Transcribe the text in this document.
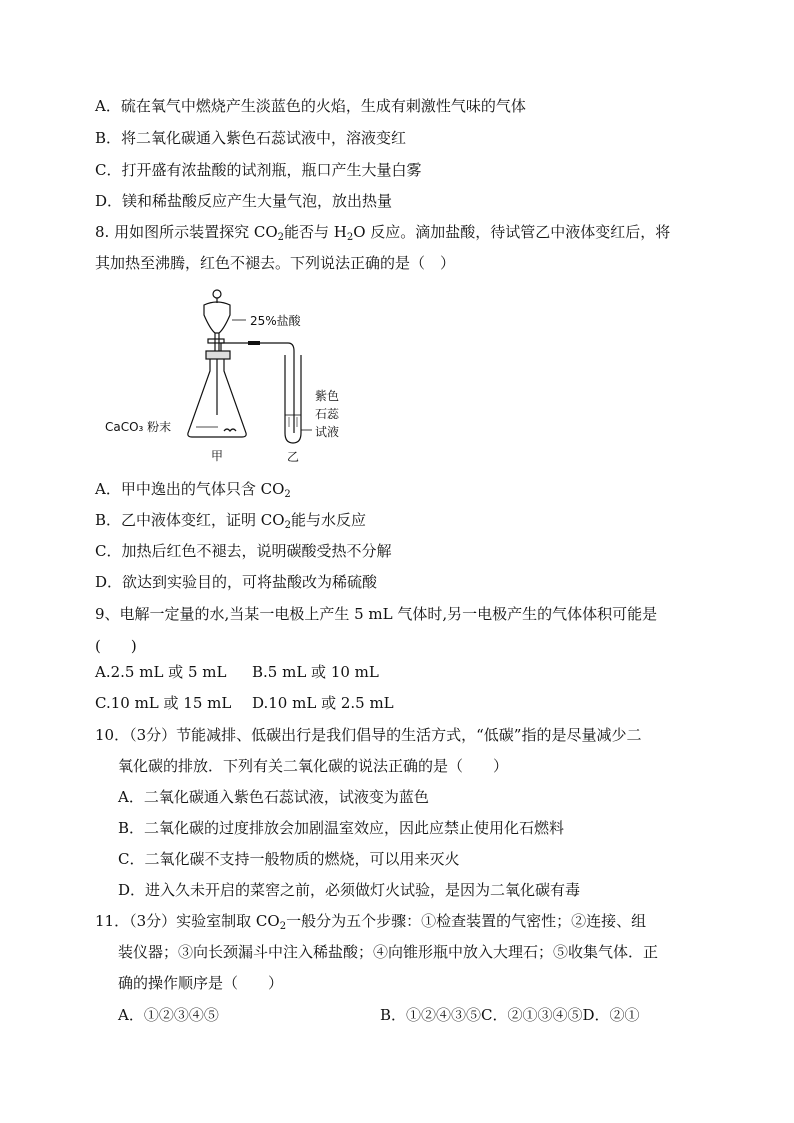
A．硫在氧气中燃烧产生淡蓝色的火焰，生成有刺激性气味的气体
B．将二氧化碳通入紫色石蕊试液中，溶液变红
C．打开盛有浓盐酸的试剂瓶，瓶口产生大量白雾
D．镁和稀盐酸反应产生大量气泡，放出热量
8. 用如图所示装置探究 $CO_2$能否与 $H_2O$ 反应。滴加盐酸，待试管乙中液体变红后，将
其加热至沸腾，红色不褪去。下列说法正确的是（　）
25%盐酸
CaCO₃ 粉末
甲	乙
紫色
石蕊
试液
A．甲中逸出的气体只含 $CO_2$
B．乙中液体变红，证明 $CO_2$能与水反应
C．加热后红色不褪去，说明碳酸受热不分解
D．欲达到实验目的，可将盐酸改为稀硫酸
9、电解一定量的水,当某一电极上产生 5 mL 气体时,另一电极产生的气体体积可能是
(　　)
A.2.5 mL 或 5 mL B.5 mL 或 10 mL
C.10 mL 或 15 mL D.10 mL 或 2.5 mL
10．（3分）节能减排、低碳出行是我们倡导的生活方式，“低碳”指的是尽量减少二
氧化碳的排放．下列有关二氧化碳的说法正确的是（　　）
A．二氧化碳通入紫色石蕊试液，试液变为蓝色
B．二氧化碳的过度排放会加剧温室效应，因此应禁止使用化石燃料
C．二氧化碳不支持一般物质的燃烧，可以用来灭火
D．进入久未开启的菜窖之前，必须做灯火试验，是因为二氧化碳有毒
11．（3分）实验室制取 $CO_2$一般分为五个步骤：①检查装置的气密性；②连接、组
装仪器；③向长颈漏斗中注入稀盐酸；④向锥形瓶中放入大理石；⑤收集气体．正
确的操作顺序是（　　）
A．①②③④⑤	B．①②④③⑤C．②①③④⑤D．②①
